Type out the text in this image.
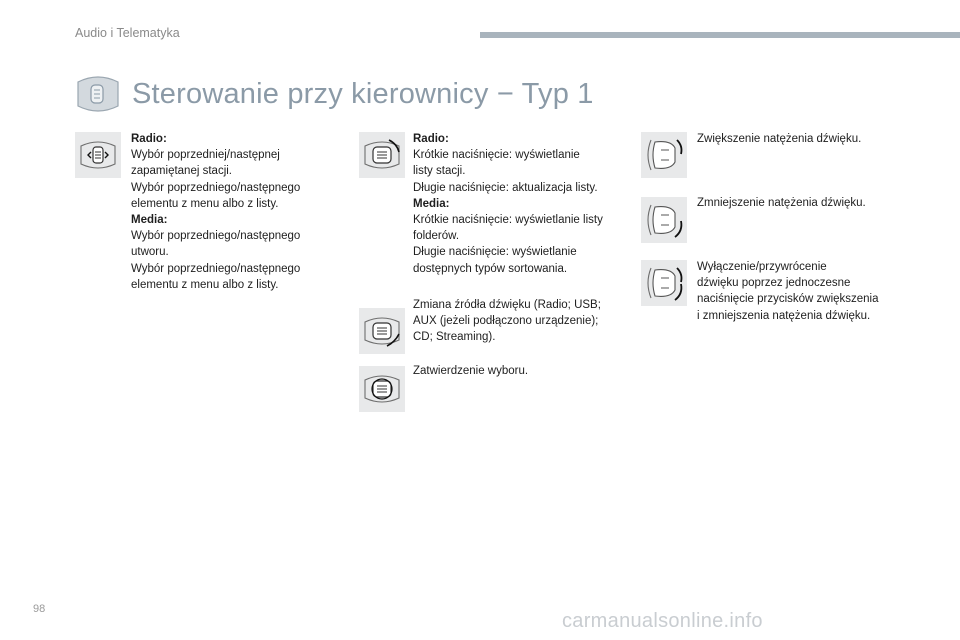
Audio i Telematyka
Sterowanie przy kierownicy − Typ 1
Radio:
Wybór poprzedniej/następnej
zapamiętanej stacji.
Wybór poprzedniego/następnego
elementu z menu albo z listy.
Media:
Wybór poprzedniego/następnego
utworu.
Wybór poprzedniego/następnego
elementu z menu albo z listy.
Radio:
Krótkie naciśnięcie: wyświetlanie
listy stacji.
Długie naciśnięcie: aktualizacja listy.
Media:
Krótkie naciśnięcie: wyświetlanie listy
folderów.
Długie naciśnięcie: wyświetlanie
dostępnych typów sortowania.
Zmiana źródła dźwięku (Radio; USB;
AUX (jeżeli podłączono urządzenie);
CD; Streaming).
Zatwierdzenie wyboru.
Zwiększenie natężenia dźwięku.
Zmniejszenie natężenia dźwięku.
Wyłączenie/przywrócenie
dźwięku poprzez jednoczesne
naciśnięcie przycisków zwiększenia
i zmniejszenia natężenia dźwięku.
98
carmanualsonline.info
